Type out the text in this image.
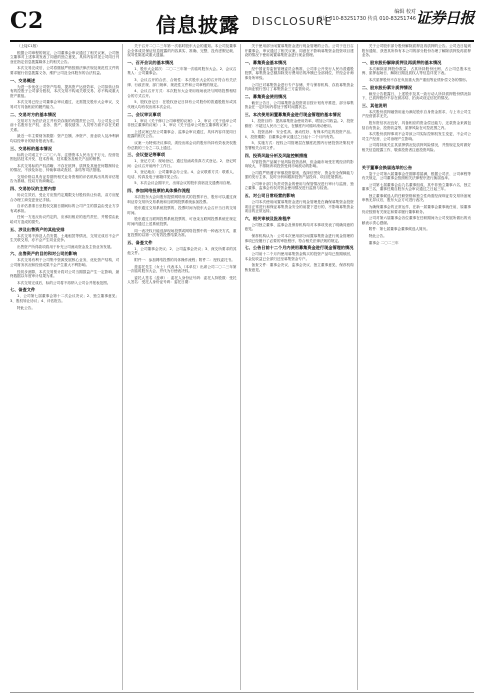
C2	信息披露 DISCLOSURE
编辑 校对
电话 010-83251730 传真 010-83251746 证券日报

（上接C1版）

根据公司章程的规定，公司董事会审议通过了相关议案，公司独立董事对上述事项发表了同意的独立意见，具体内容详见公司同日刊登在指定信息披露媒体上的相关公告。

本次交易完成后，公司将继续严格按照法律法规及规范性文件的要求履行信息披露义务，维护公司及全体股东的合法权益。

一、交易概述

为进一步优化公司资产结构，提高资产运营效率，公司拟转让持有的控股子公司部分股权，本次交易不构成关联交易，亦不构成重大资产重组。

本次交易已经公司董事会审议通过，无需提交股东大会审议，交易对方具备相应的履约能力。

二、交易对方的基本情况

交易对方为依法设立并有效存续的有限责任公司，与公司及公司前十名股东在产权、业务、资产、债权债务、人员等方面不存在关联关系。

最近一年主要财务数据：资产总额、净资产、营业收入及净利润均以经审计的财务报表为准。

三、交易标的基本情况

标的公司成立于二〇〇八年，注册资本人民币五千万元，经营范围包括技术开发、技术咨询、技术服务及相关产品的销售。

本次交易标的产权清晰，不存在抵押、质押及其他任何限制转让的情况，不涉及诉讼、仲裁事项或查封、冻结等司法措施。

交易价格以具有证券期货相关业务资格的评估机构出具的评估报告为基础，经双方协商确定。

四、交易协议的主要内容

协议生效后，受让方应按约定期限支付股权转让价款，双方应配合办理工商变更登记手续。

自评估基准日至股权交割日期间标的公司产生的损益由受让方享有或承担。

任何一方违反协议约定的，应承担相应的违约责任，并赔偿由此给对方造成的损失。

五、涉及出售资产的其他安排

本次交易不涉及人员安置、土地租赁等情况，交易完成后不会产生关联交易，亦不会产生同业竞争。

出售资产所得款项将用于补充公司流动资金及主营业务发展。

六、出售资产的目的和对公司的影响

本次交易有利于公司集中资源发展核心业务，优化资产结构，对公司财务状况和经营成果不会产生重大不利影响。

经初步测算，本次交易预计将对公司当期损益产生一定影响，最终数据以年度审计结果为准。

本次交易完成后，标的公司将不再纳入公司合并报表范围。

七、备查文件

1、公司第七届董事会第十二次会议决议；2、独立董事意见；3、股权转让协议；4、评估报告。

特此公告。

关于召开二〇二三年第一次临时股东大会的通知。本公司及董事会全体成员保证信息披露的内容真实、准确、完整，没有虚假记载、误导性陈述或重大遗漏。

一、召开会议的基本情况

1、股东大会届次：二〇二三年第一次临时股东大会。2、会议召集人：公司董事会。

3、会议召开的合法、合规性：本次股东大会的召开符合有关法律、行政法规、部门规章、规范性文件和公司章程的规定。

4、会议召开方式：本次股东大会采用现场表决与网络投票相结合的方式召开。

5、股权登记日：在股权登记日持有公司股份的普通股股东或其代理人均有权出席本次会议。

二、会议审议事项

1、审议《关于修订公司章程的议案》；2、审议《关于选举公司非独立董事的议案》；3、审议《关于选举公司独立董事的议案》。

上述议案已经公司董事会、监事会审议通过，具体内容详见同日披露的相关公告。

议案一为特别决议事项，须经出席会议的股东所持有效表决权股份总数的三分之二以上通过。

三、会议登记等事项

1、登记方式：现场登记、通过信函或传真方式登记。2、登记时间：会议召开前两个工作日。

3、登记地点：公司董事会办公室。4、会议联系方式：联系人、电话、传真及电子邮箱详见公告。

5、本次会议会期半天，出席会议的股东食宿及交通费用自理。

四、参加网络投票的具体操作流程

本次股东大会向股东提供网络形式的投票平台，股东可以通过深圳证券交易所交易系统和互联网投票系统参加投票。

股东通过交易系统投票的，投票时间为股东大会召开当日的交易时间。

股东通过互联网投票系统投票的，可登录互联网投票系统在规定时间内通过上述系统投票。

同一表决权只能选择现场投票或网络投票中的一种表决方式，重复投票的以第一次有效投票结果为准。

五、备查文件

1、公司董事会决议；2、公司监事会决议；3、深交所要求的其他文件。

附件一：参加网络投票的具体操作流程；附件二：授权委托书。

兹委托先生（女士）代表本人（本单位）出席公司二〇二三年第一次临时股东大会，并代为行使表决权。

委托人签名（盖章）：委托人身份证号码：委托人持股数：受托人签名：受托人身份证号码：委托日期：

关于使用部分闲置募集资金进行现金管理的公告。公司于近日召开董事会，审议通过了相关议案，同意在不影响募集资金投资项目建设的情况下使用闲置募集资金进行现金管理。

一、募集资金基本情况

经中国证券监督管理委员会核准，公司非公开发行人民币普通股股票，募集资金总额扣除发行费用后的净额已全部到位，并经会计师事务所审验。

公司已对募集资金进行专户存储，并与保荐机构、存放募集资金的商业银行签订了募集资金三方监管协议。

二、募集资金使用情况

截至公告日，公司募集资金投资项目按计划有序推进，部分募集资金在一定时间内将处于暂时闲置状态。

三、本次使用闲置募集资金进行现金管理的基本情况

1、投资目的：提高募集资金使用效率，增加公司收益。2、投资额度：不超过人民币三亿元，在额度内可循环滚动使用。

3、投资品种：安全性高、流动性好、有保本约定的投资产品。4、投资期限：自董事会审议通过之日起十二个月内有效。

5、实施方式：授权公司管理层在额度范围内行使投资决策权并签署相关合同文件。

四、投资风险分析及风险控制措施

尽管投资产品属于低风险投资品种，但金融市场受宏观经济的影响较大，不排除该项投资受到市场波动的影响。

公司将严格遵守审慎投资原则，选择信誉好、资金安全保障能力强的发行主体，及时分析和跟踪投资产品投向、项目进展情况。

公司审计部门负责对资金的使用与保管情况进行审计与监督，独立董事、监事会有权对资金使用情况进行监督与检查。

五、对公司日常经营的影响

公司本次使用闲置募集资金进行现金管理是在确保募集资金投资项目正常进行和保证募集资金安全的前提下进行的，不影响募集资金项目的正常运转。

六、相关审核及批准程序

公司独立董事、监事会及保荐机构均对本事项发表了明确同意的意见。

保荐机构认为：公司本次使用部分闲置募集资金进行现金管理的事项已经履行了必要的审批程序，符合相关法律法规的规定。

七、公告日前十二个月内使用募集资金进行现金管理的情况

公司前十二个月内使用募集资金购买的投资产品均已按期赎回，本金及收益已全部归还至募集资金专户。

备查文件：董事会决议、监事会决议、独立董事意见、保荐机构核查意见。

关于公司股东部分股份解除质押及再质押的公告。公司近日接到股东通知，获悉其所持有本公司的部分股份办理了解除质押及再质押业务。

一、股东股份解除质押及再质押的基本情况

本次解除质押股份数量、占其所持股份比例、占公司总股本比例、质押起始日、解除日期及质权人等信息详见下表。

本次质押股份不存在负担重大资产重组等业绩补偿义务的情形。

二、股东股份累计质押情况

截至公告披露日，上述股东及其一致行动人所持质押股份情况如下，已质押股份不存在被冻结、拍卖或设定信托的情况。

三、其他说明

本次股份质押融资用途为满足股东自身资金需求，与上市公司生产经营需求无关。

股东资信状况良好，具备相应的资金偿还能力，还款资金来源包括自有资金、投资收益等，质押风险在可控范围之内。

本次股份质押事项不会导致公司实际控制权发生变更，不会对公司生产经营、公司治理产生影响。

公司将持续关注其质押情况及质押风险情况，并按规定及时做好相关信息披露工作，敬请投资者注意投资风险。

关于董事会换届选举的公告

鉴于公司第六届董事会任期即将届满，根据公司法、公司章程等有关规定，公司董事会按照相关法律程序进行换届选举。

公司第七届董事会由九名董事组成，其中非独立董事六名，独立董事三名，董事任期自股东大会审议通过之日起三年。

独立董事候选人的任职资格和独立性尚需经深圳证券交易所备案审核无异议后，股东大会方可进行表决。

为确保董事会的正常运作，在新一届董事会董事就任前，原董事仍应按照有关规定和要求履行董事职务。

公司对第六届董事会各位董事在任职期间为公司发展所做出的贡献表示衷心感谢。

附件：第七届董事会董事候选人简历。

特此公告。

董事会 二〇二三年
